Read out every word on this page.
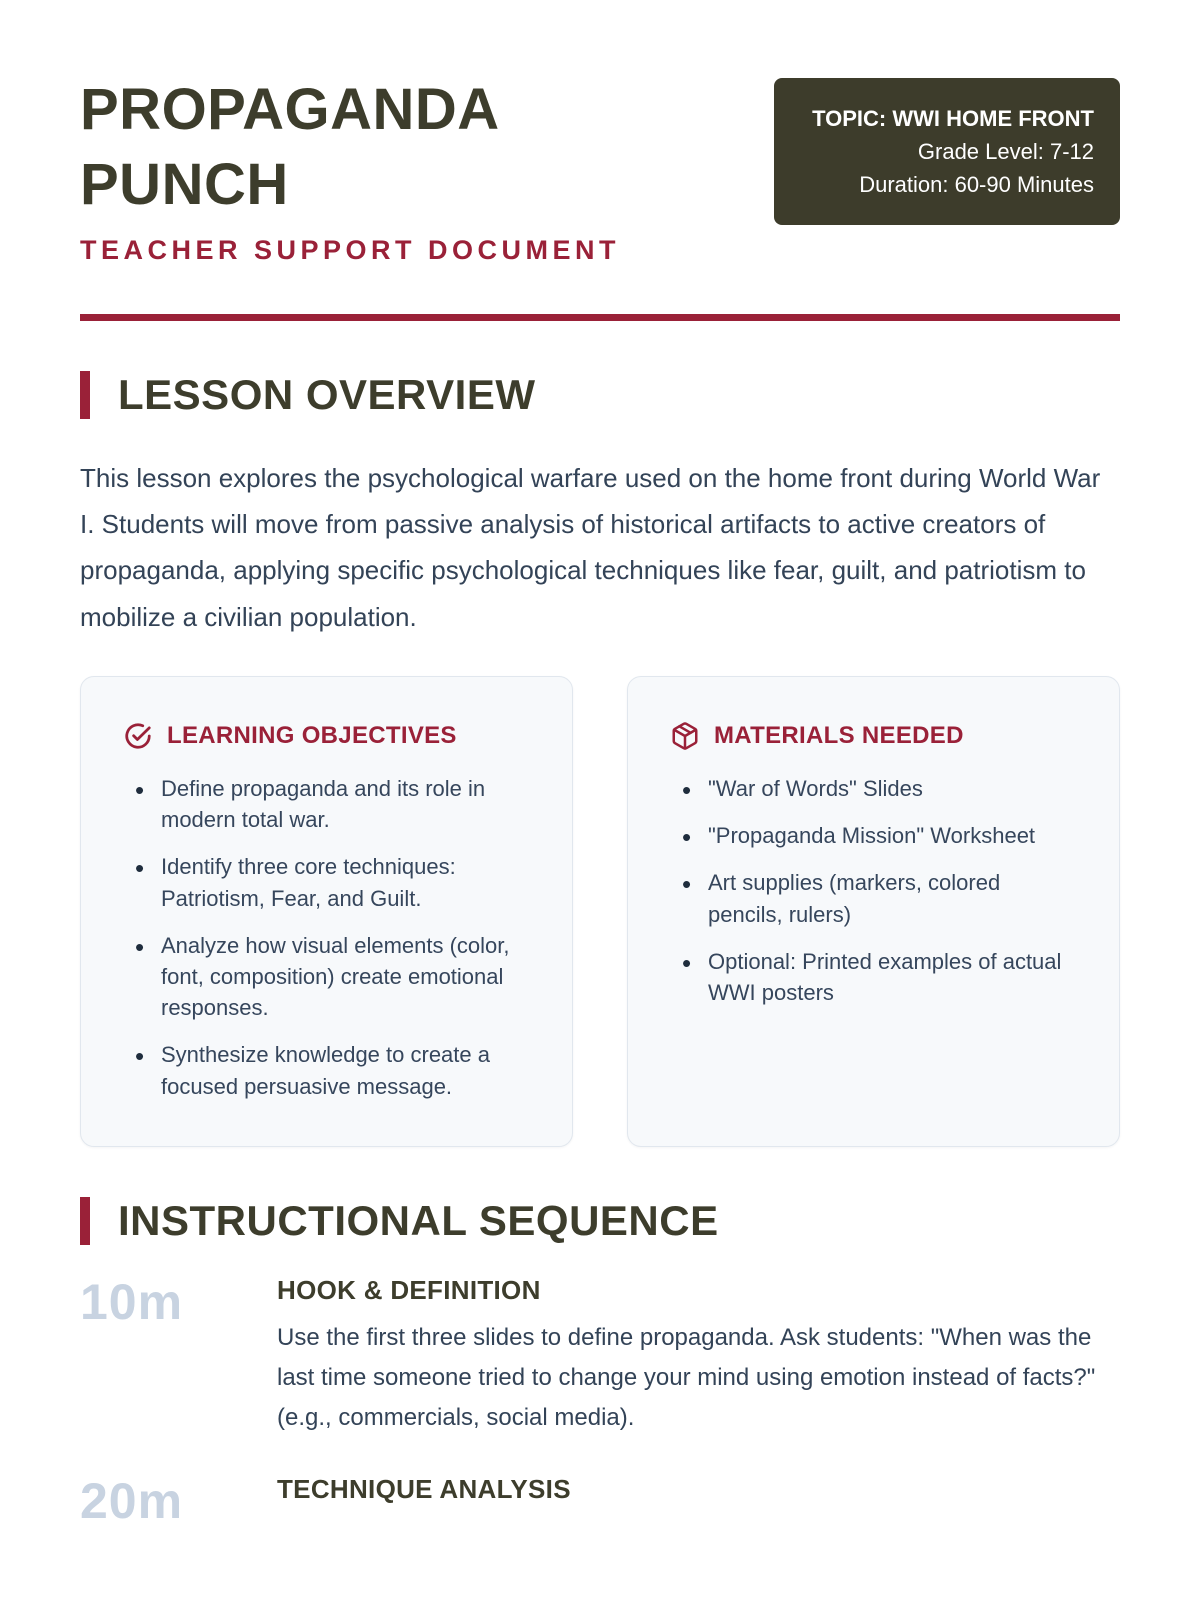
PROPAGANDA
PUNCH
TEACHER SUPPORT DOCUMENT
TOPIC: WWI HOME FRONT
Grade Level: 7-12
Duration: 60-90 Minutes
LESSON OVERVIEW

This lesson explores the psychological warfare used on the home front during World War I. Students will move from passive analysis of historical artifacts to active creators of propaganda, applying specific psychological techniques like fear, guilt, and patriotism to mobilize a civilian population.

LEARNING OBJECTIVES
• Define propaganda and its role in modern total war.
• Identify three core techniques: Patriotism, Fear, and Guilt.
• Analyze how visual elements (color, font, composition) create emotional responses.
• Synthesize knowledge to create a focused persuasive message.
MATERIALS NEEDED
• "War of Words" Slides
• "Propaganda Mission" Worksheet
• Art supplies (markers, colored pencils, rulers)
• Optional: Printed examples of actual WWI posters
INSTRUCTIONAL SEQUENCE
10m	HOOK & DEFINITION
Use the first three slides to define propaganda. Ask students: "When was the last time someone tried to change your mind using emotion instead of facts?" (e.g., commercials, social media).
20m	TECHNIQUE ANALYSIS
